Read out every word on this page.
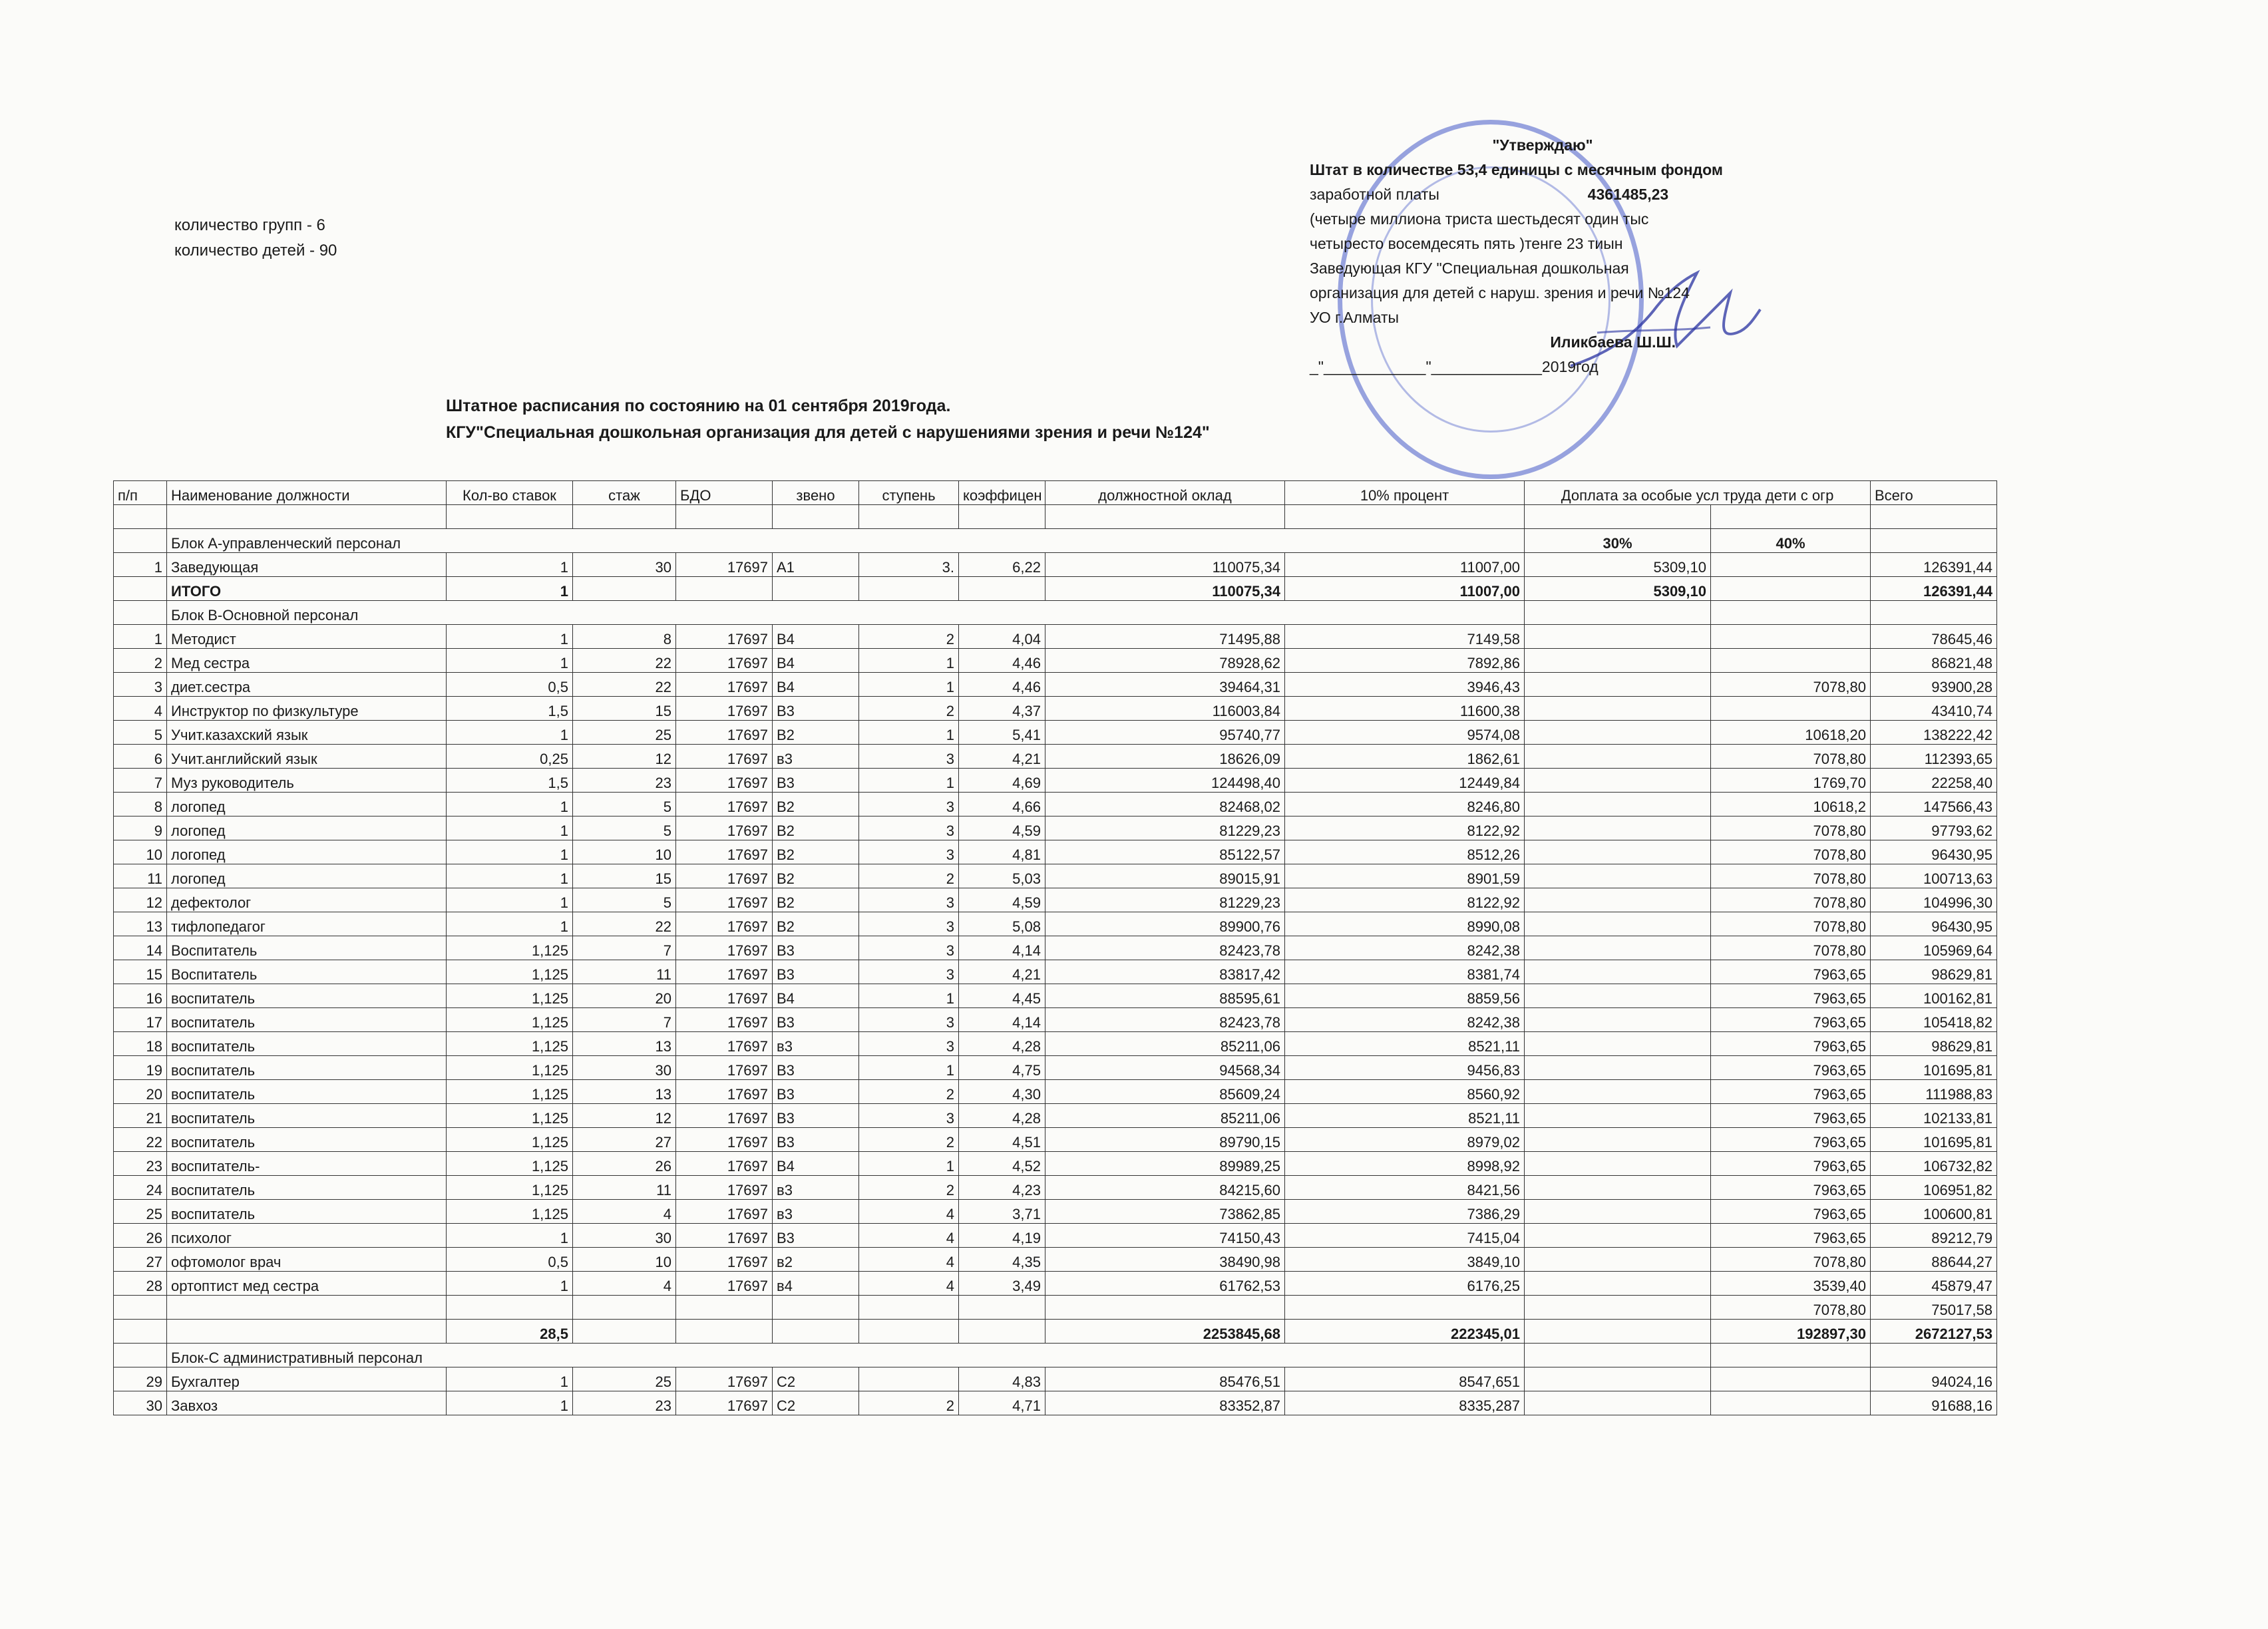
количество групп - 6
количество детей - 90
Штатное расписания по состоянию на 01 сентября 2019года.
КГУ"Специальная дошкольная организация для детей с нарушениями зрения и речи №124"
"Утверждаю"
Штат в количестве 53,4 единицы с месячным фондом
заработной платы	4361485,23
(четыре миллиона триста шестьдесят один тыс
четыресто восемдесять пять )тенге 23 тиын
Заведующая КГУ "Специальная дошкольная
организация для детей с наруш. зрения и речи №124
УО г.Алматы
Иликбаева Ш.Ш.
_"____________"_____________2019год
п/п	Наименование должности	Кол-во ставок	стаж	БДО	звено	ступень	коэффицен	должностной оклад	10% процент	Доплата за особые усл труда дети с огр		Всего

	Блок А-управленческий персонал									30%	40%	
1	Заведующая	1	30	17697	А1	3.	6,22	110075,34	11007,00	5309,10		126391,44
	ИТОГО	1						110075,34	11007,00	5309,10		126391,44
	Блок В-Основной персонал											
1	Методист	1	8	17697	В4	2	4,04	71495,88	7149,58			78645,46
2	Мед сестра	1	22	17697	В4	1	4,46	78928,62	7892,86			86821,48
3	диет.сестра	0,5	22	17697	В4	1	4,46	39464,31	3946,43		7078,80	93900,28
4	Инструктор по физкультуре	1,5	15	17697	В3	2	4,37	116003,84	11600,38			43410,74
5	Учит.казахский язык	1	25	17697	В2	1	5,41	95740,77	9574,08		10618,20	138222,42
6	Учит.английский язык	0,25	12	17697	в3	3	4,21	18626,09	1862,61		7078,80	112393,65
7	Муз руководитель	1,5	23	17697	В3	1	4,69	124498,40	12449,84		1769,70	22258,40
8	логопед	1	5	17697	В2	3	4,66	82468,02	8246,80		10618,2	147566,43
9	логопед	1	5	17697	В2	3	4,59	81229,23	8122,92		7078,80	97793,62
10	логопед	1	10	17697	В2	3	4,81	85122,57	8512,26		7078,80	96430,95
11	логопед	1	15	17697	В2	2	5,03	89015,91	8901,59		7078,80	100713,63
12	дефектолог	1	5	17697	В2	3	4,59	81229,23	8122,92		7078,80	104996,30
13	тифлопедагог	1	22	17697	В2	3	5,08	89900,76	8990,08		7078,80	96430,95
14	Воспитатель	1,125	7	17697	В3	3	4,14	82423,78	8242,38		7078,80	105969,64
15	Воспитатель	1,125	11	17697	В3	3	4,21	83817,42	8381,74		7963,65	98629,81
16	воспитатель	1,125	20	17697	В4	1	4,45	88595,61	8859,56		7963,65	100162,81
17	воспитатель	1,125	7	17697	В3	3	4,14	82423,78	8242,38		7963,65	105418,82
18	воспитатель	1,125	13	17697	в3	3	4,28	85211,06	8521,11		7963,65	98629,81
19	воспитатель	1,125	30	17697	В3	1	4,75	94568,34	9456,83		7963,65	101695,81
20	воспитатель	1,125	13	17697	В3	2	4,30	85609,24	8560,92		7963,65	111988,83
21	воспитатель	1,125	12	17697	В3	3	4,28	85211,06	8521,11		7963,65	102133,81
22	воспитатель	1,125	27	17697	В3	2	4,51	89790,15	8979,02		7963,65	101695,81
23	воспитатель-	1,125	26	17697	В4	1	4,52	89989,25	8998,92		7963,65	106732,82
24	воспитатель	1,125	11	17697	в3	2	4,23	84215,60	8421,56		7963,65	106951,82
25	воспитатель	1,125	4	17697	в3	4	3,71	73862,85	7386,29		7963,65	100600,81
26	психолог	1	30	17697	В3	4	4,19	74150,43	7415,04		7963,65	89212,79
27	офтомолог врач	0,5	10	17697	в2	4	4,35	38490,98	3849,10		7078,80	88644,27
28	ортоптист мед сестра	1	4	17697	в4	4	3,49	61762,53	6176,25		3539,40	45879,47
											7078,80	75017,58
		28,5						2253845,68	222345,01		192897,30	2672127,53
	Блок-С административный персонал											
29	Бухгалтер	1	25	17697	С2		4,83	85476,51	8547,651			94024,16
30	Завхоз	1	23	17697	С2	2	4,71	83352,87	8335,287			91688,16
